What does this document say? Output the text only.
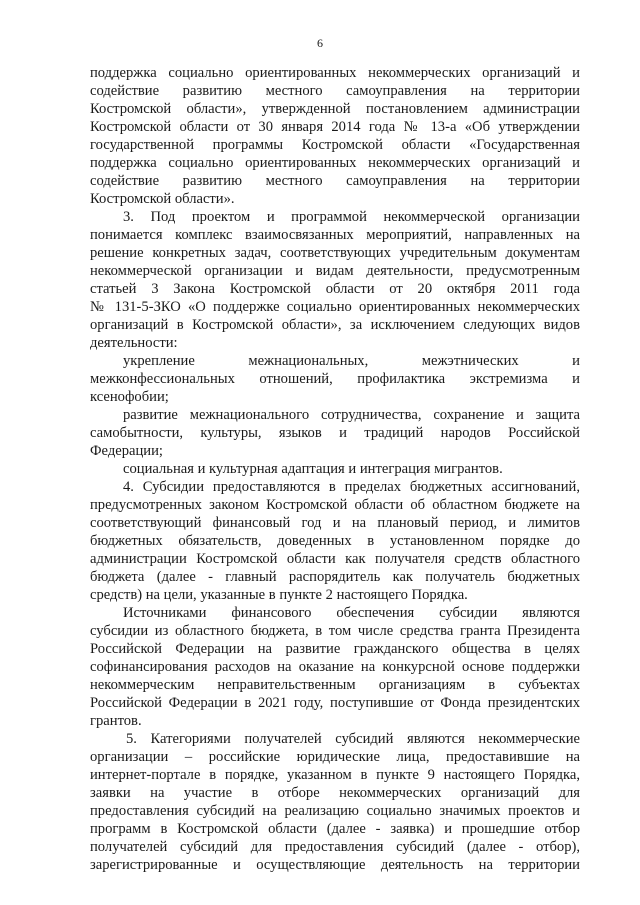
6
поддержка социально ориентированных некоммерческих организаций и
содействие развитию местного самоуправления на территории
Костромской области», утвержденной постановлением администрации
Костромской области от 30 января 2014 года № 13-а «Об утверждении
государственной программы Костромской области «Государственная
поддержка социально ориентированных некоммерческих организаций и
содействие развитию местного самоуправления на территории
Костромской области».
3. Под проектом и программой некоммерческой организации
понимается комплекс взаимосвязанных мероприятий, направленных на
решение конкретных задач, соответствующих учредительным документам
некоммерческой организации и видам деятельности, предусмотренным
статьей 3 Закона Костромской области от 20 октября 2011 года
№ 131-5-ЗКО «О поддержке социально ориентированных некоммерческих
организаций в Костромской области», за исключением следующих видов
деятельности:
укрепление межнациональных, межэтнических и
межконфессиональных отношений, профилактика экстремизма и
ксенофобии;
развитие межнационального сотрудничества, сохранение и защита
самобытности, культуры, языков и традиций народов Российской
Федерации;
социальная и культурная адаптация и интеграция мигрантов.
4. Субсидии предоставляются в пределах бюджетных ассигнований,
предусмотренных законом Костромской области об областном бюджете на
соответствующий финансовый год и на плановый период, и лимитов
бюджетных обязательств, доведенных в установленном порядке до
администрации Костромской области как получателя средств областного
бюджета (далее - главный распорядитель как получатель бюджетных
средств) на цели, указанные в пункте 2 настоящего Порядка.
Источниками финансового обеспечения субсидии являются
субсидии из областного бюджета, в том числе средства гранта Президента
Российской Федерации на развитие гражданского общества в целях
софинансирования расходов на оказание на конкурсной основе поддержки
некоммерческим неправительственным организациям в субъектах
Российской Федерации в 2021 году, поступившие от Фонда президентских
грантов.
5. Категориями получателей субсидий являются некоммерческие
организации – российские юридические лица, предоставившие на
интернет-портале в порядке, указанном в пункте 9 настоящего Порядка,
заявки на участие в отборе некоммерческих организаций для
предоставления субсидий на реализацию социально значимых проектов и
программ в Костромской области (далее - заявка) и прошедшие отбор
получателей субсидий для предоставления субсидий (далее - отбор),
зарегистрированные и осуществляющие деятельность на территории
